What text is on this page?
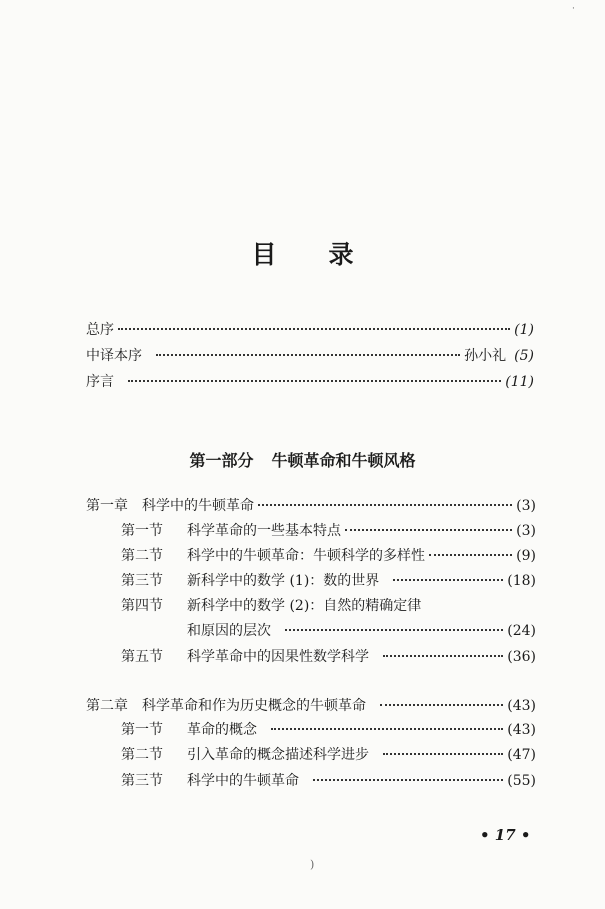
·
目录
总序	(1)
中译本序	孙小礼 (5)
序言	(11)
第一部分 牛顿革命和牛顿风格
第一章　科学中的牛顿革命	(3)
第一节 科学革命的一些基本特点	(3)
第二节 科学中的牛顿革命：牛顿科学的多样性	(9)
第三节 新科学中的数学 (1)：数的世界	(18)
第四节 新科学中的数学 (2)：自然的精确定律
和原因的层次	(24)
第五节 科学革命中的因果性数学科学	(36)
第二章　科学革命和作为历史概念的牛顿革命	(43)
第一节 革命的概念	(43)
第二节 引入革命的概念描述科学进步	(47)
第三节 科学中的牛顿革命	(55)
• 17 •
)
